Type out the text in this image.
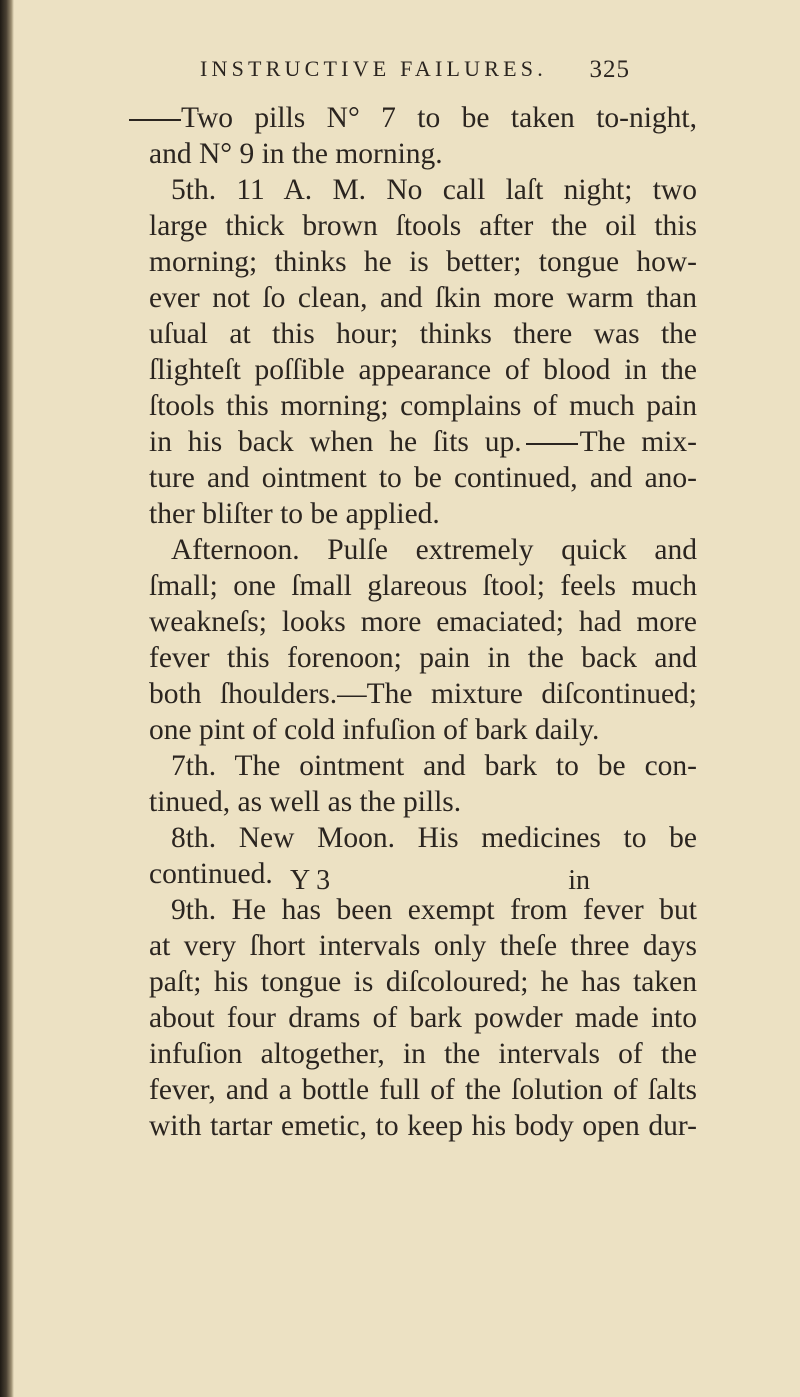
INSTRUCTIVE FAILURES. 325
Two pills N° 7 to be taken to-night,
and N° 9 in the morning.
5th. 11 A. M. No call laſt night; two
large thick brown ſtools after the oil this
morning; thinks he is better; tongue how-
ever not ſo clean, and ſkin more warm than
uſual at this hour; thinks there was the
ſlighteſt poſſible appearance of blood in the
ſtools this morning; complains of much pain
in his back when he ſits up. The mix-
ture and ointment to be continued, and ano-
ther bliſter to be applied.
Afternoon. Pulſe extremely quick and
ſmall; one ſmall glareous ſtool; feels much
weakneſs; looks more emaciated; had more
fever this forenoon; pain in the back and
both ſhoulders.—The mixture diſcontinued;
one pint of cold infuſion of bark daily.
7th. The ointment and bark to be con-
tinued, as well as the pills.
8th. New Moon. His medicines to be
continued.
9th. He has been exempt from fever but
at very ſhort intervals only theſe three days
paſt; his tongue is diſcoloured; he has taken
about four drams of bark powder made into
infuſion altogether, in the intervals of the
fever, and a bottle full of the ſolution of ſalts
with tartar emetic, to keep his body open dur-
Y 3	in
